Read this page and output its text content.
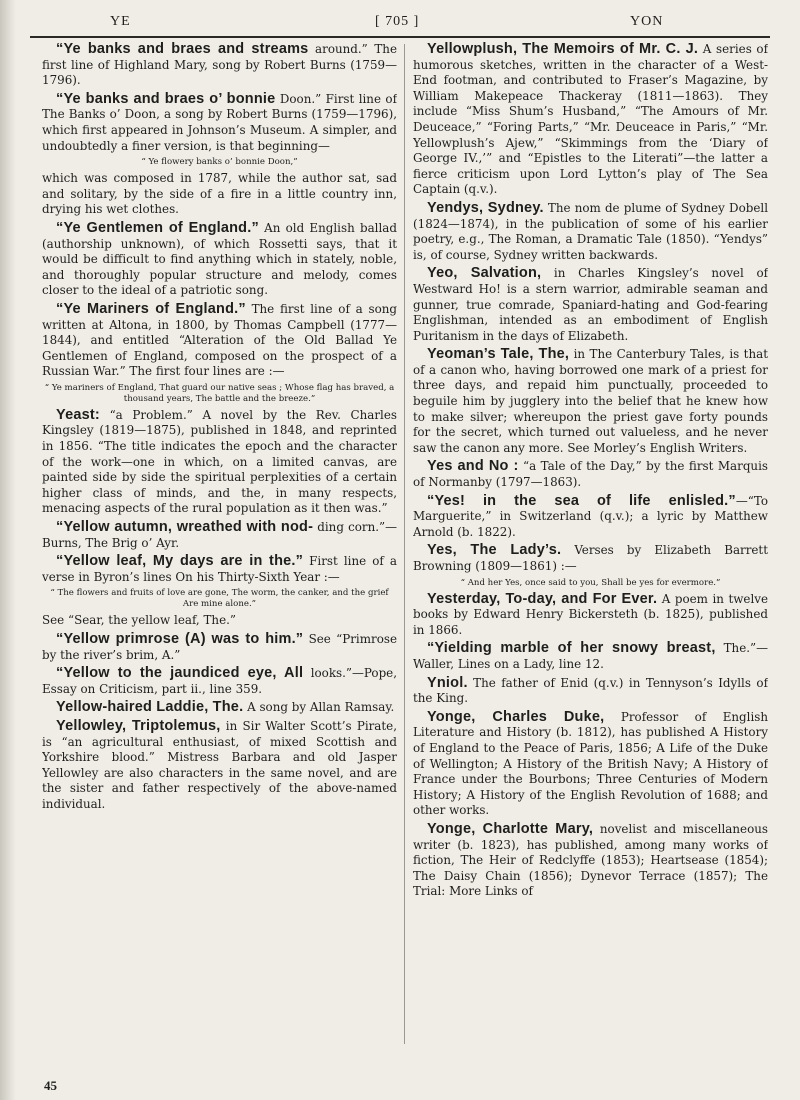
YE	[ 705 ]	YON

“Ye banks and braes and streams around.” The first line of Highland Mary, song by Robert Burns (1759—1796).

“Ye banks and braes o’ bonnie Doon.” First line of The Banks o’ Doon, a song by Robert Burns (1759—1796), which first appeared in Johnson’s Museum. A simpler, and undoubtedly a finer version, is that beginning—

“ Ye flowery banks o’ bonnie Doon,”

which was composed in 1787, while the author sat, sad and solitary, by the side of a fire in a little country inn, drying his wet clothes.

“Ye Gentlemen of England.” An old English ballad (authorship unknown), of which Rossetti says, that it would be difficult to find anything which in stately, noble, and thoroughly popular structure and melody, comes closer to the ideal of a patriotic song.

“Ye Mariners of England.” The first line of a song written at Altona, in 1800, by Thomas Campbell (1777—1844), and entitled “Alteration of the Old Ballad Ye Gentlemen of England, composed on the prospect of a Russian War.” The first four lines are :—

“ Ye mariners of England, That guard our native seas ; Whose flag has braved, a thousand years, The battle and the breeze.”

Yeast: “a Problem.” A novel by the Rev. Charles Kingsley (1819—1875), published in 1848, and reprinted in 1856. “The title indicates the epoch and the character of the work—one in which, on a limited canvas, are painted side by side the spiritual perplexities of a certain higher class of minds, and the, in many respects, menacing aspects of the rural population as it then was.”

“Yellow autumn, wreathed with nod- ding corn.”—Burns, The Brig o’ Ayr.

“Yellow leaf, My days are in the.” First line of a verse in Byron’s lines On his Thirty-Sixth Year :—

“ The flowers and fruits of love are gone, The worm, the canker, and the grief Are mine alone.”

See “Sear, the yellow leaf, The.”

“Yellow primrose (A) was to him.” See “Primrose by the river’s brim, A.”

“Yellow to the jaundiced eye, All looks.”—Pope, Essay on Criticism, part ii., line 359.

Yellow-haired Laddie, The. A song by Allan Ramsay.

Yellowley, Triptolemus, in Sir Walter Scott’s Pirate, is “an agricultural enthusiast, of mixed Scottish and Yorkshire blood.” Mistress Barbara and old Jasper Yellowley are also characters in the same novel, and are the sister and father respectively of the above-named individual.

Yellowplush, The Memoirs of Mr. C. J. A series of humorous sketches, written in the character of a West-End footman, and contributed to Fraser’s Magazine, by William Makepeace Thackeray (1811—1863). They include “Miss Shum’s Husband,” “The Amours of Mr. Deuceace,” “Foring Parts,” “Mr. Deuceace in Paris,” “Mr. Yellowplush’s Ajew,” “Skimmings from the ‘Diary of George IV.,’” and “Epistles to the Literati”—the latter a fierce criticism upon Lord Lytton’s play of The Sea Captain (q.v.).

Yendys, Sydney. The nom de plume of Sydney Dobell (1824—1874), in the publication of some of his earlier poetry, e.g., The Roman, a Dramatic Tale (1850). “Yendys” is, of course, Sydney written backwards.

Yeo, Salvation, in Charles Kingsley’s novel of Westward Ho! is a stern warrior, admirable seaman and gunner, true comrade, Spaniard-hating and God-fearing Englishman, intended as an embodiment of English Puritanism in the days of Elizabeth.

Yeoman’s Tale, The, in The Canterbury Tales, is that of a canon who, having borrowed one mark of a priest for three days, and repaid him punctually, proceeded to beguile him by jugglery into the belief that he knew how to make silver; whereupon the priest gave forty pounds for the secret, which turned out valueless, and he never saw the canon any more. See Morley’s English Writers.

Yes and No : “a Tale of the Day,” by the first Marquis of Normanby (1797—1863).

“Yes! in the sea of life enlisled.”—“To Marguerite,” in Switzerland (q.v.); a lyric by Matthew Arnold (b. 1822).

Yes, The Lady’s. Verses by Elizabeth Barrett Browning (1809—1861) :—

“ And her Yes, once said to you, Shall be yes for evermore.”

Yesterday, To-day, and For Ever. A poem in twelve books by Edward Henry Bickersteth (b. 1825), published in 1866.

“Yielding marble of her snowy breast, The.”—Waller, Lines on a Lady, line 12.

Yniol. The father of Enid (q.v.) in Tennyson’s Idylls of the King.

Yonge, Charles Duke, Professor of English Literature and History (b. 1812), has published A History of England to the Peace of Paris, 1856; A Life of the Duke of Wellington; A History of the British Navy; A History of France under the Bourbons; Three Centuries of Modern History; A History of the English Revolution of 1688; and other works.

Yonge, Charlotte Mary, novelist and miscellaneous writer (b. 1823), has published, among many works of fiction, The Heir of Redclyffe (1853); Heartsease (1854); The Daisy Chain (1856); Dynevor Terrace (1857); The Trial: More Links of

45
